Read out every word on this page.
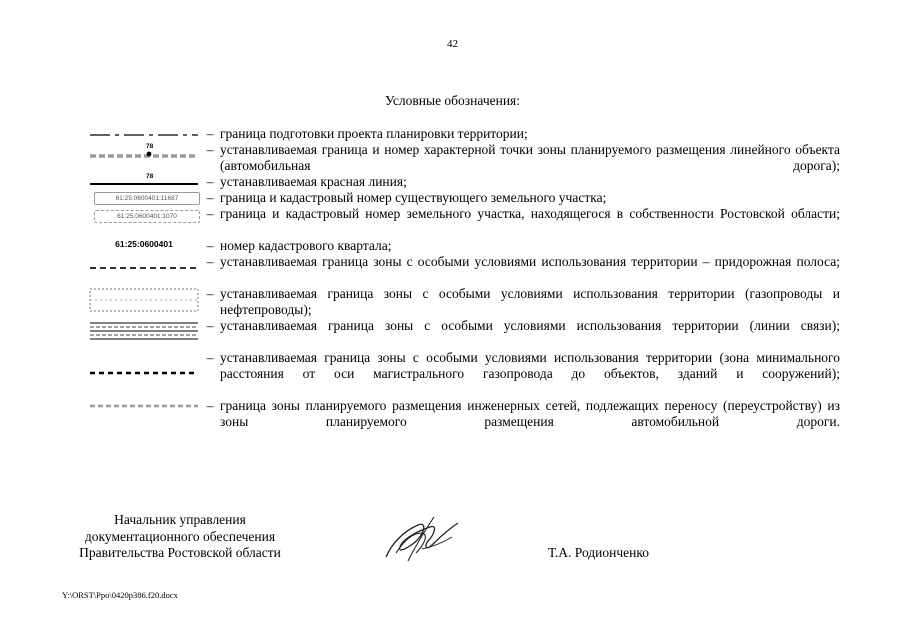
42
Условные обозначения:
– граница подготовки проекта планировки территории;
78	– устанавливаемая граница и номер характерной точки зоны планируемого размещения линейного объекта (автомобильная дорога);
78	– устанавливаемая красная линия;
61:25:0600401:11687	– граница и кадастровый номер существующего земельного участка;
61:25:0600401:1070	– граница и кадастровый номер земельного участка, находящегося в собственности Ростовской области;
61:25:0600401	– номер кадастрового квартала;
– устанавливаемая граница зоны с особыми условиями использования территории – придорожная полоса;
– устанавливаемая граница зоны с особыми условиями использования территории (газопроводы и нефтепроводы);
– устанавливаемая граница зоны с особыми условиями использования территории (линии связи);
– устанавливаемая граница зоны с особыми условиями использования территории (зона минимального расстояния от оси магистрального газопровода до объектов, зданий и сооружений);
– граница зоны планируемого размещения инженерных сетей, подлежащих переносу (переустройству) из зоны планируемого размещения автомобильной дороги.
Начальник управления
документационного обеспечения
Правительства Ростовской области	Т.А. Родионченко
Y:\ORST\Ppo\0420p386.f20.docx
